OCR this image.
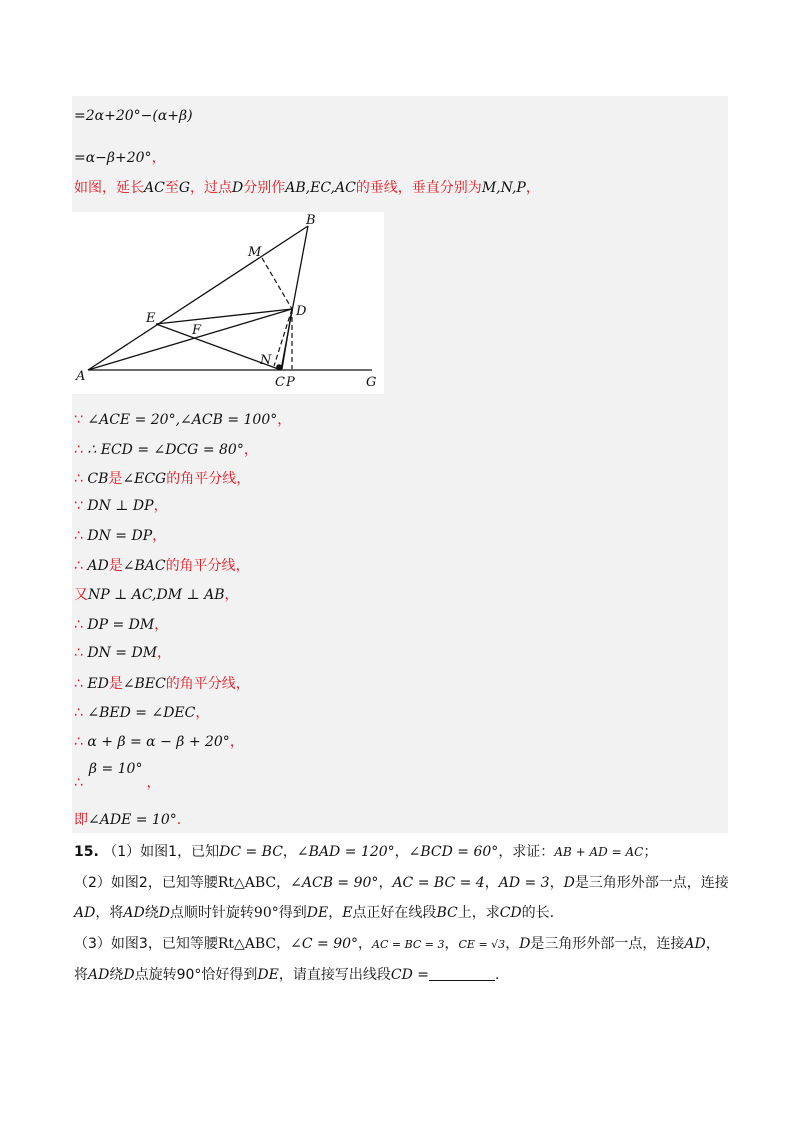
=2α+20°−(α+β)
=α−β+20°，
如图，延长AC至G，过点D分别作AB,EC,AC的垂线，垂直分别为M,N,P，
A
B
C
D
E
F
G
M
N
P
∵ ∠ACE = 20°,∠ACB = 100°，
∴ ∴ ECD = ∠DCG = 80°，
∴ CB是∠ECG的角平分线，
∵ DN ⊥ DP，
∴ DN = DP，
∴ AD是∠BAC的角平分线，
又NP ⊥ AC,DM ⊥ AB，
∴ DP = DM，
∴ DN = DM，
∴ ED是∠BEC的角平分线，
∴ ∠BED = ∠DEC，
∴ α + β = α − β + 20°，
∴β = 10°，
即∠ADE = 10°.
15. （1）如图1，已知DC = BC，∠BAD = 120°，∠BCD = 60°，求证：AB + AD = AC；
（2）如图2，已知等腰Rt△ABC，∠ACB = 90°，AC = BC = 4，AD = 3，D是三角形外部一点，连接
AD，将AD绕D点顺时针旋转90°得到DE，E点正好在线段BC上，求CD的长.
（3）如图3，已知等腰Rt△ABC，∠C = 90°，AC = BC = 3，CE = √3，D是三角形外部一点，连接AD，
将AD绕D点旋转90°恰好得到DE，请直接写出线段CD =	.
